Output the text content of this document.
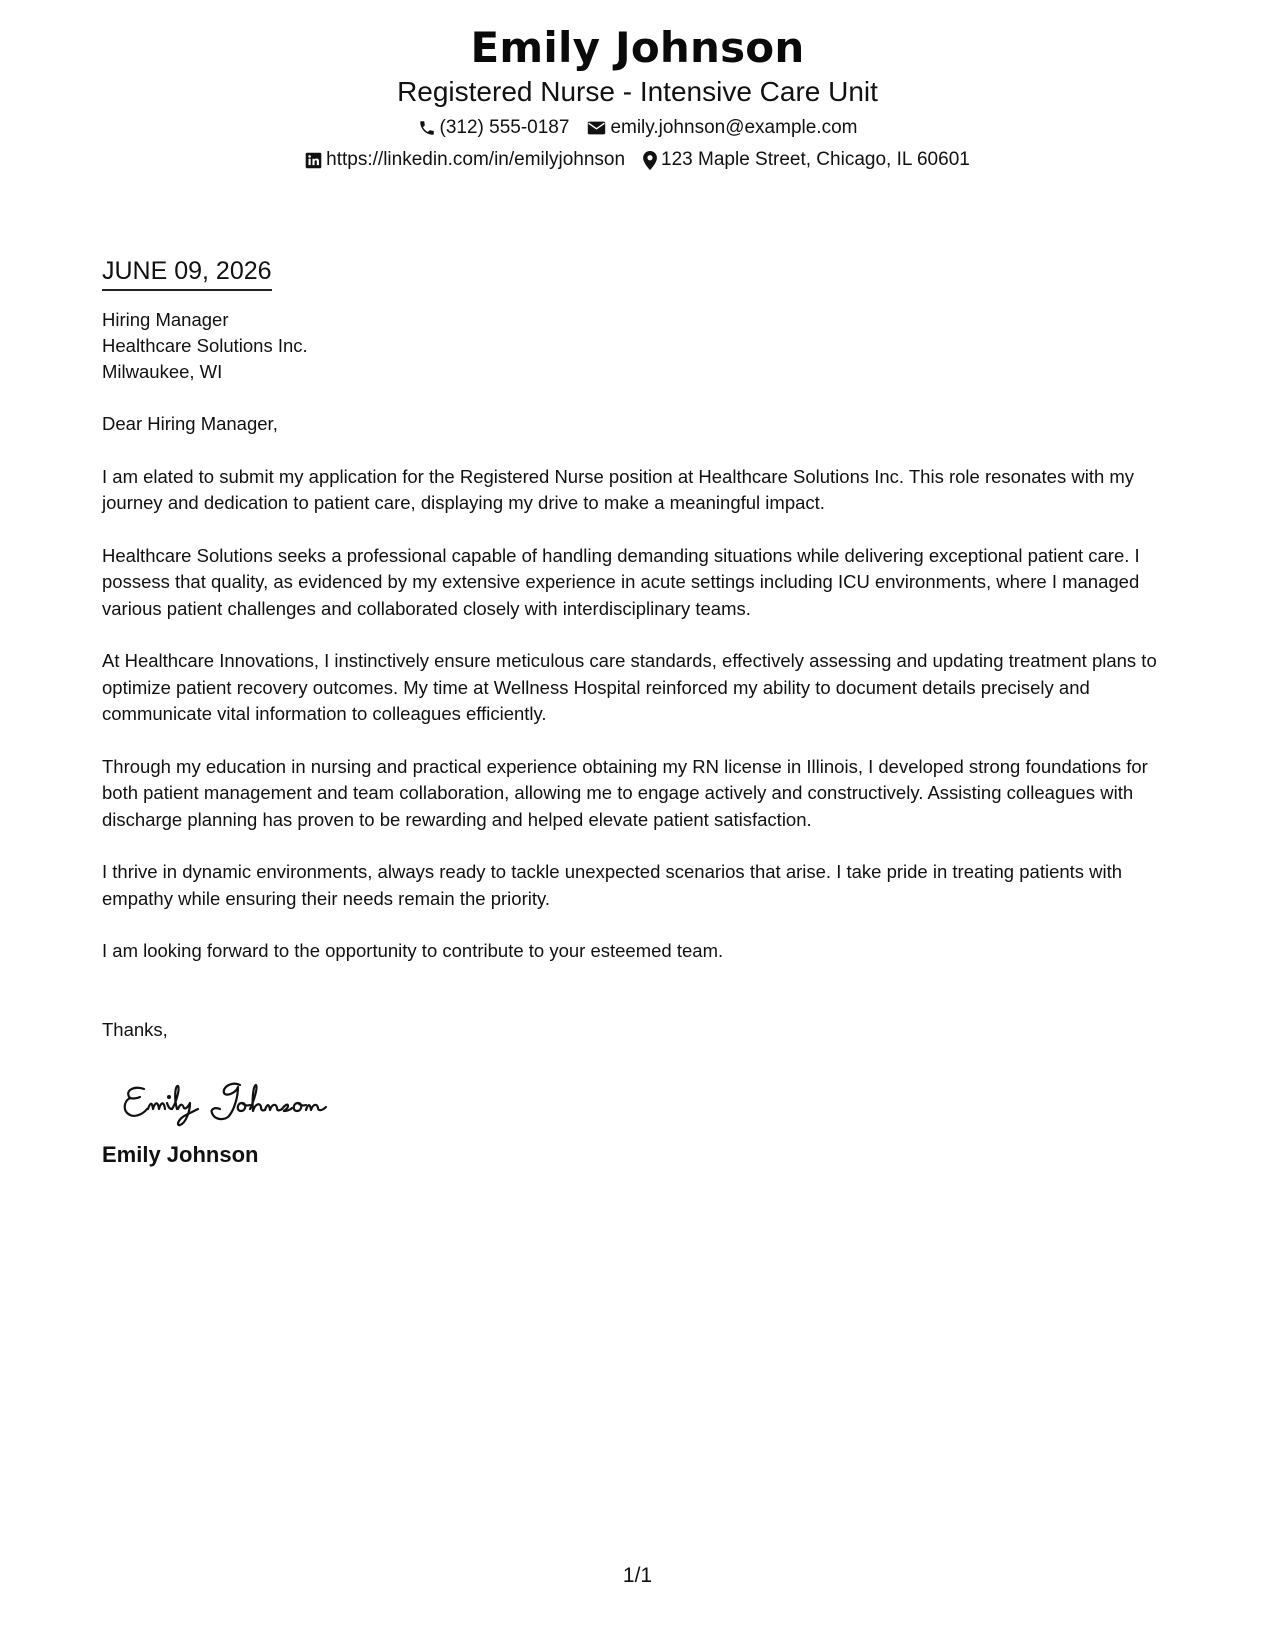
Emily Johnson
Registered Nurse - Intensive Care Unit
(312) 555-0187 emily.johnson@example.com
https://linkedin.com/in/emilyjohnson 123 Maple Street, Chicago, IL 60601
JUNE 09, 2026
Hiring Manager
Healthcare Solutions Inc.
Milwaukee, WI
Dear Hiring Manager,
I am elated to submit my application for the Registered Nurse position at Healthcare Solutions Inc. This role resonates with my journey and dedication to patient care, displaying my drive to make a meaningful impact.
Healthcare Solutions seeks a professional capable of handling demanding situations while delivering exceptional patient care. I possess that quality, as evidenced by my extensive experience in acute settings including ICU environments, where I managed various patient challenges and collaborated closely with interdisciplinary teams.
At Healthcare Innovations, I instinctively ensure meticulous care standards, effectively assessing and updating treatment plans to optimize patient recovery outcomes. My time at Wellness Hospital reinforced my ability to document details precisely and communicate vital information to colleagues efficiently.
Through my education in nursing and practical experience obtaining my RN license in Illinois, I developed strong foundations for both patient management and team collaboration, allowing me to engage actively and constructively. Assisting colleagues with discharge planning has proven to be rewarding and helped elevate patient satisfaction.
I thrive in dynamic environments, always ready to tackle unexpected scenarios that arise. I take pride in treating patients with empathy while ensuring their needs remain the priority.
I am looking forward to the opportunity to contribute to your esteemed team.
Thanks,
Emily Johnson
1/1
